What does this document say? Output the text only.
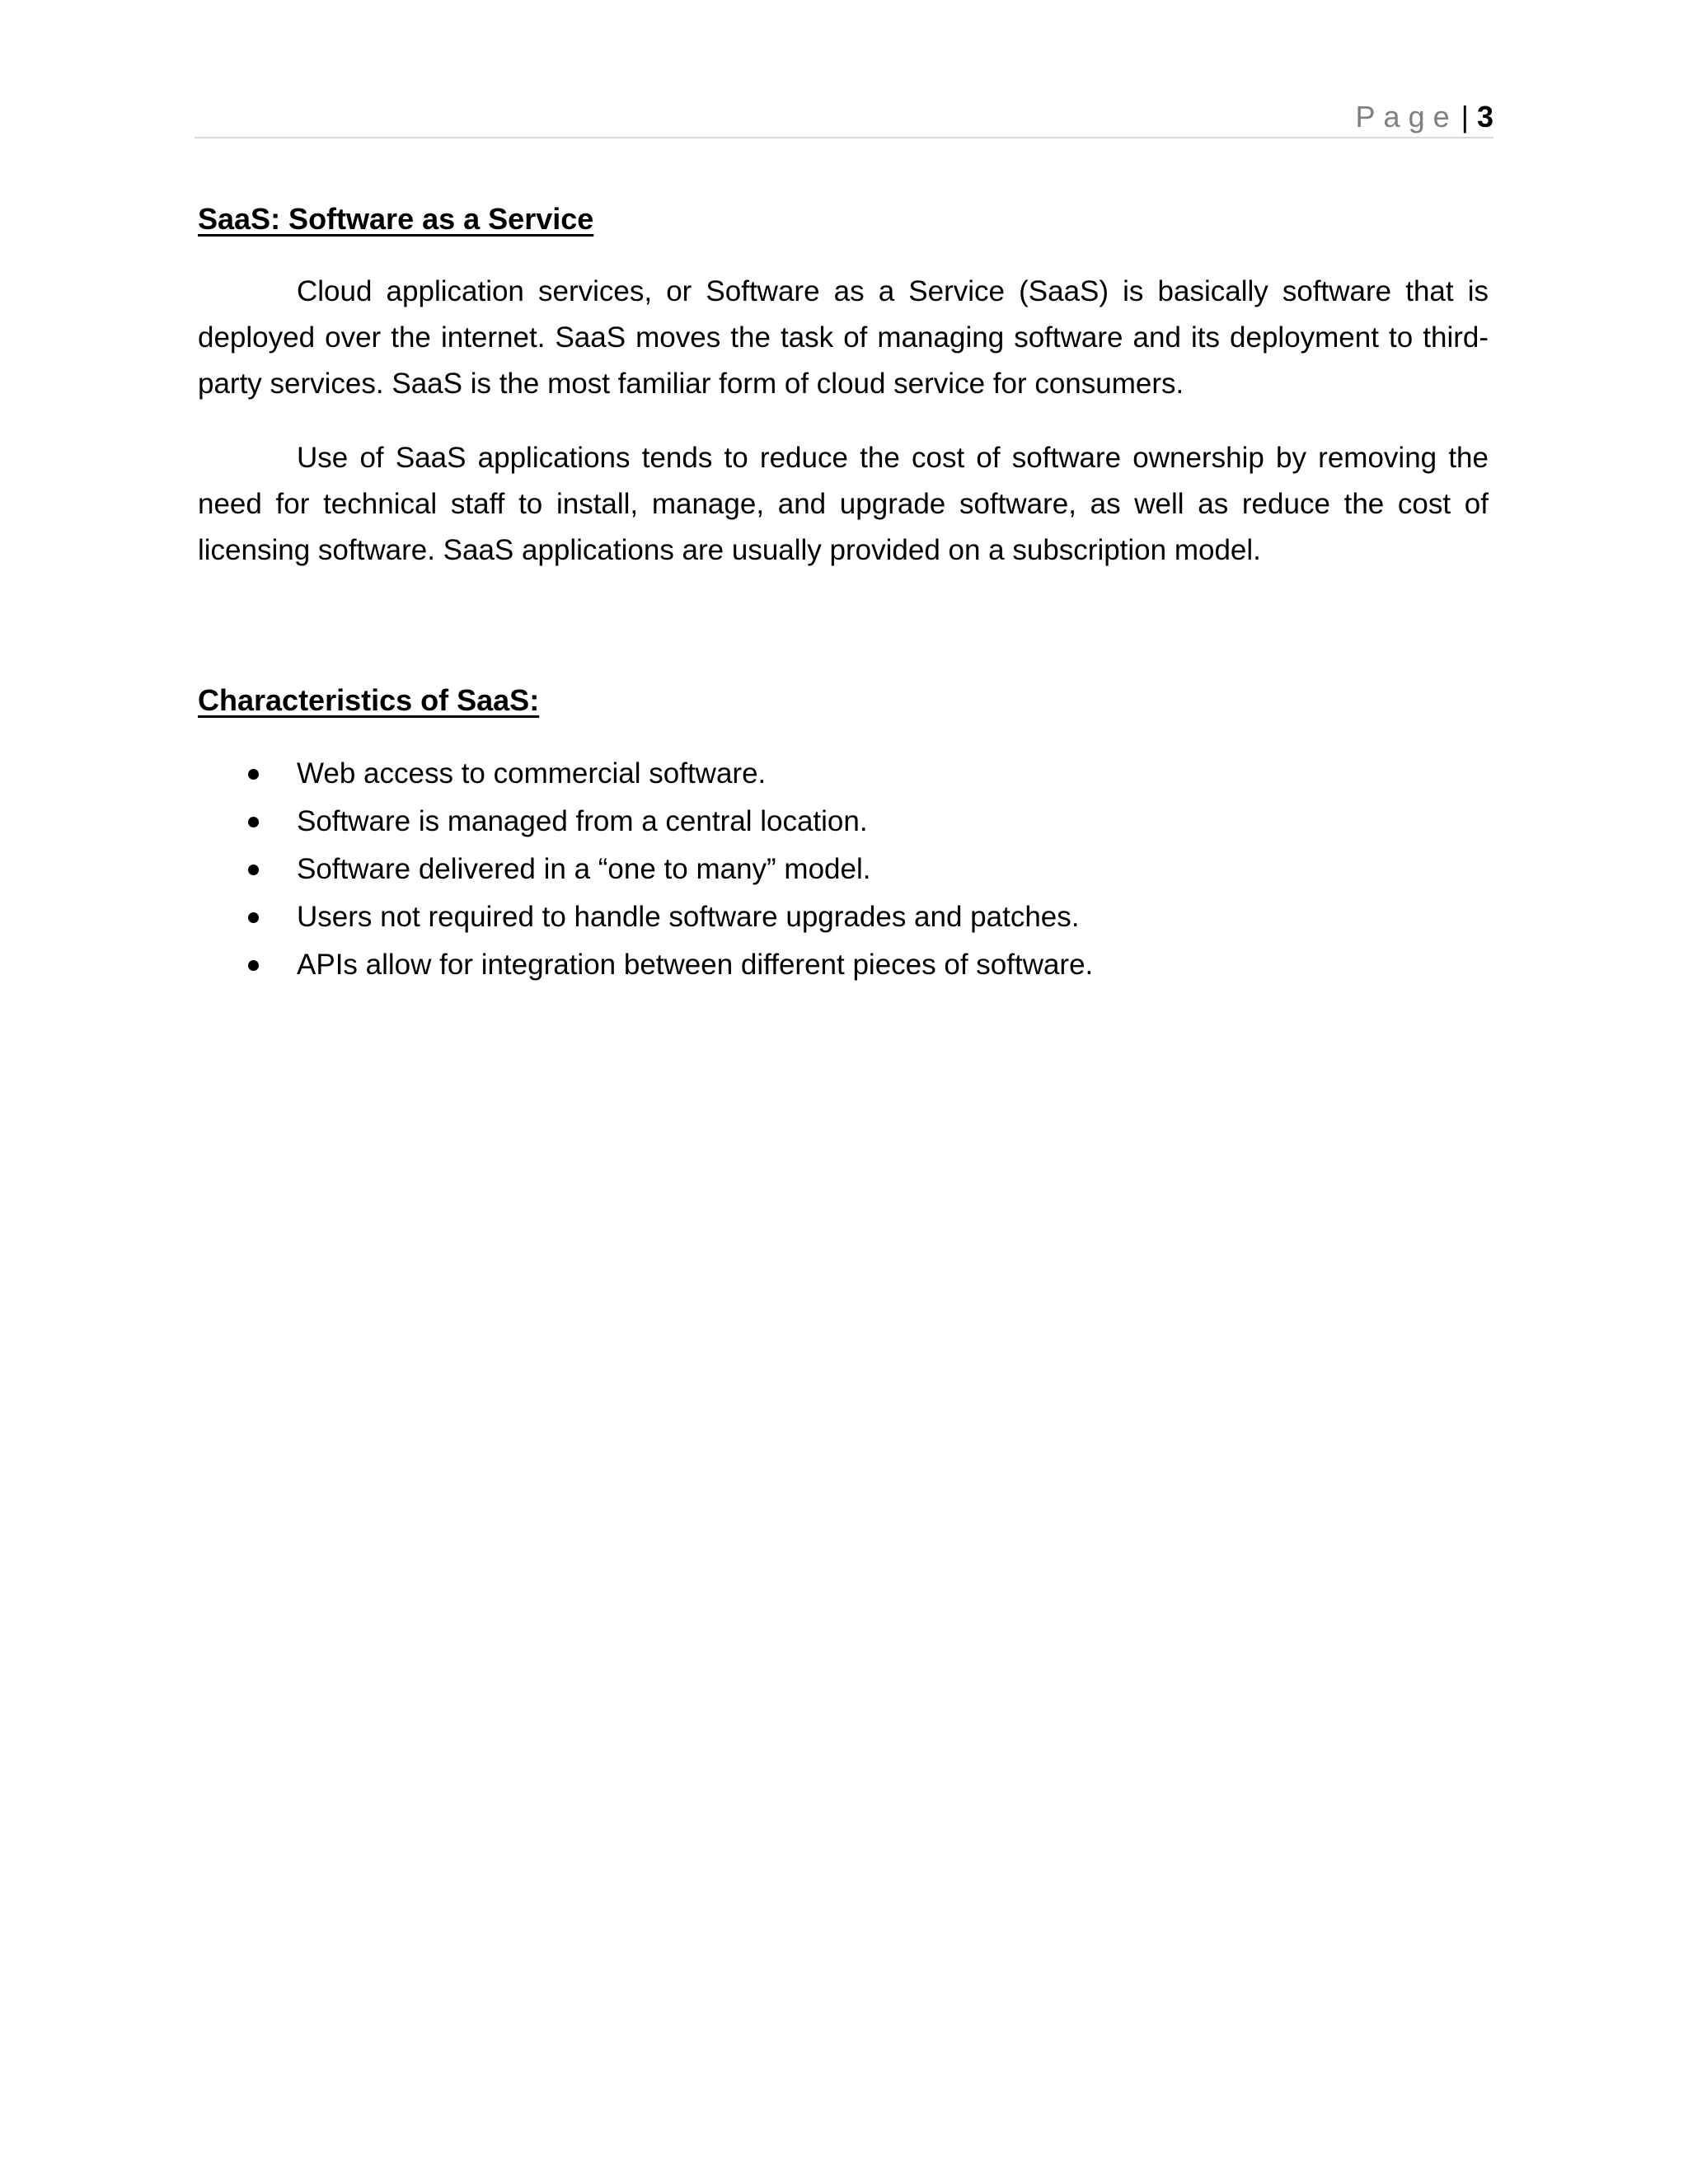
Page | 3
SaaS: Software as a Service

Cloud application services, or Software as a Service (SaaS) is basically software that is deployed over the internet. SaaS moves the task of managing software and its deployment to third-party services. SaaS is the most familiar form of cloud service for consumers.

Use of SaaS applications tends to reduce the cost of software ownership by removing the need for technical staff to install, manage, and upgrade software, as well as reduce the cost of licensing software. SaaS applications are usually provided on a subscription model.

Characteristics of SaaS:
Web access to commercial software.
Software is managed from a central location.
Software delivered in a “one to many” model.
Users not required to handle software upgrades and patches.
APIs allow for integration between different pieces of software.
